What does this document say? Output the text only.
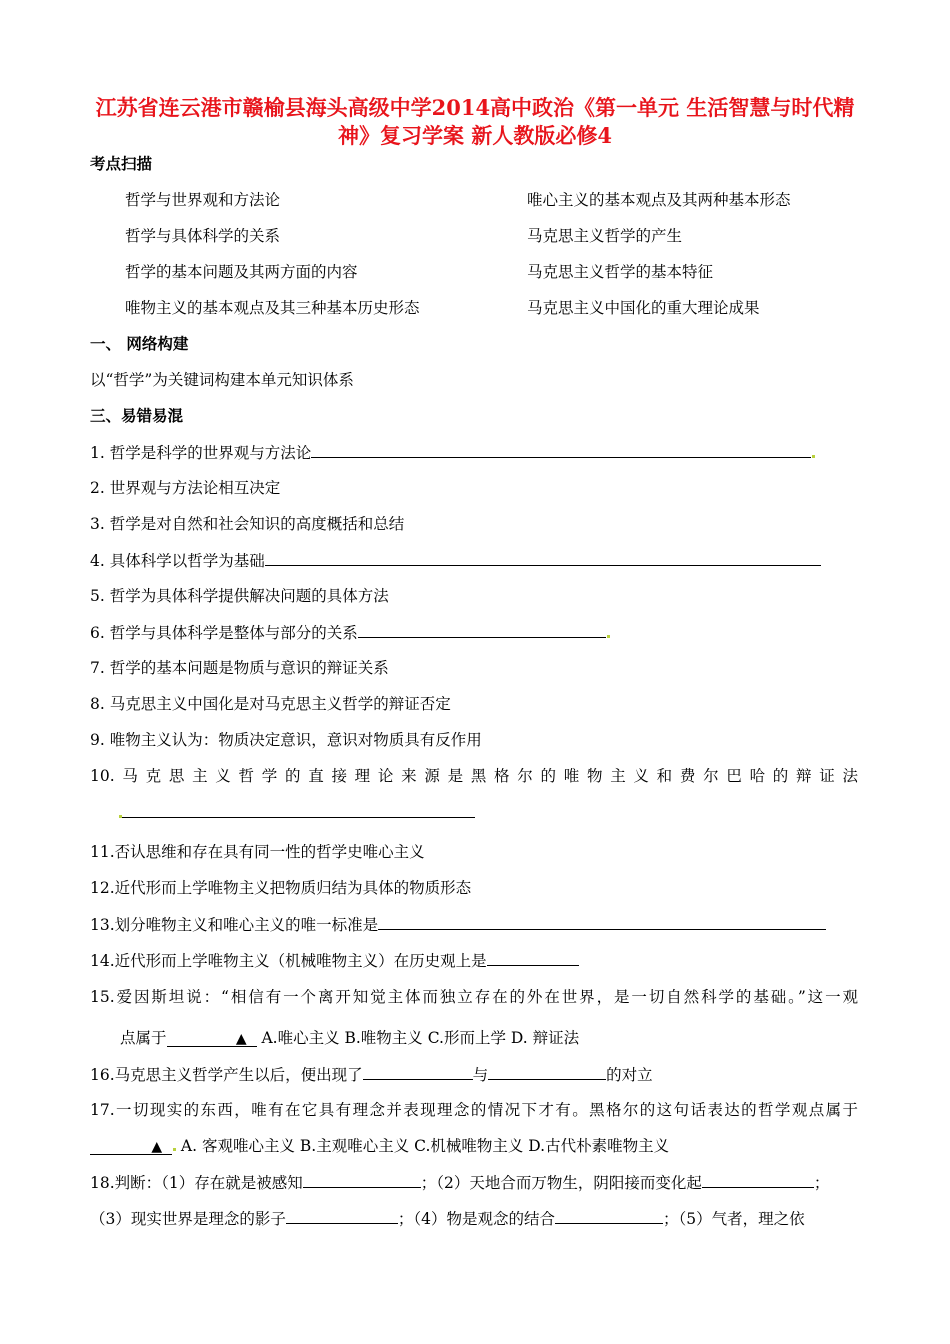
江苏省连云港市赣榆县海头高级中学2014高中政治《第一单元 生活智慧与时代精神》复习学案 新人教版必修4
考点扫描
哲学与世界观和方法论	唯心主义的基本观点及其两种基本形态
哲学与具体科学的关系	马克思主义哲学的产生
哲学的基本问题及其两方面的内容	马克思主义哲学的基本特征
唯物主义的基本观点及其三种基本历史形态	马克思主义中国化的重大理论成果
一、 网络构建
以“哲学”为关键词构建本单元知识体系
三、易错易混
1. 哲学是科学的世界观与方法论
2. 世界观与方法论相互决定
3. 哲学是对自然和社会知识的高度概括和总结
4. 具体科学以哲学为基础
5. 哲学为具体科学提供解决问题的具体方法
6. 哲学与具体科学是整体与部分的关系
7. 哲学的基本问题是物质与意识的辩证关系
8. 马克思主义中国化是对马克思主义哲学的辩证否定
9. 唯物主义认为：物质决定意识，意识对物质具有反作用
10.马克思主义哲学的直接理论来源是黑格尔的唯物主义和费尔巴哈的辩证法
11.否认思维和存在具有同一性的哲学史唯心主义
12.近代形而上学唯物主义把物质归结为具体的物质形态
13.划分唯物主义和唯心主义的唯一标准是
14.近代形而上学唯物主义（机械唯物主义）在历史观上是
15.爱因斯坦说：“相信有一个离开知觉主体而独立存在的外在世界，是一切自然科学的基础。”这一观
点属于	▲   A.唯心主义 B.唯物主义 C.形而上学 D. 辩证法
16.马克思主义哲学产生以后，便出现了	与	的对立
17.一切现实的东西，唯有在它具有理念并表现理念的情况下才有。黑格尔的这句话表达的哲学观点属于
▲   A. 客观唯心主义 B.主观唯心主义 C.机械唯物主义 D.古代朴素唯物主义
18.判断：（1）存在就是被感知	；（2）天地合而万物生，阴阳接而变化起	；
（3）现实世界是理念的影子	；（4）物是观念的结合	；（5）气者，理之依
